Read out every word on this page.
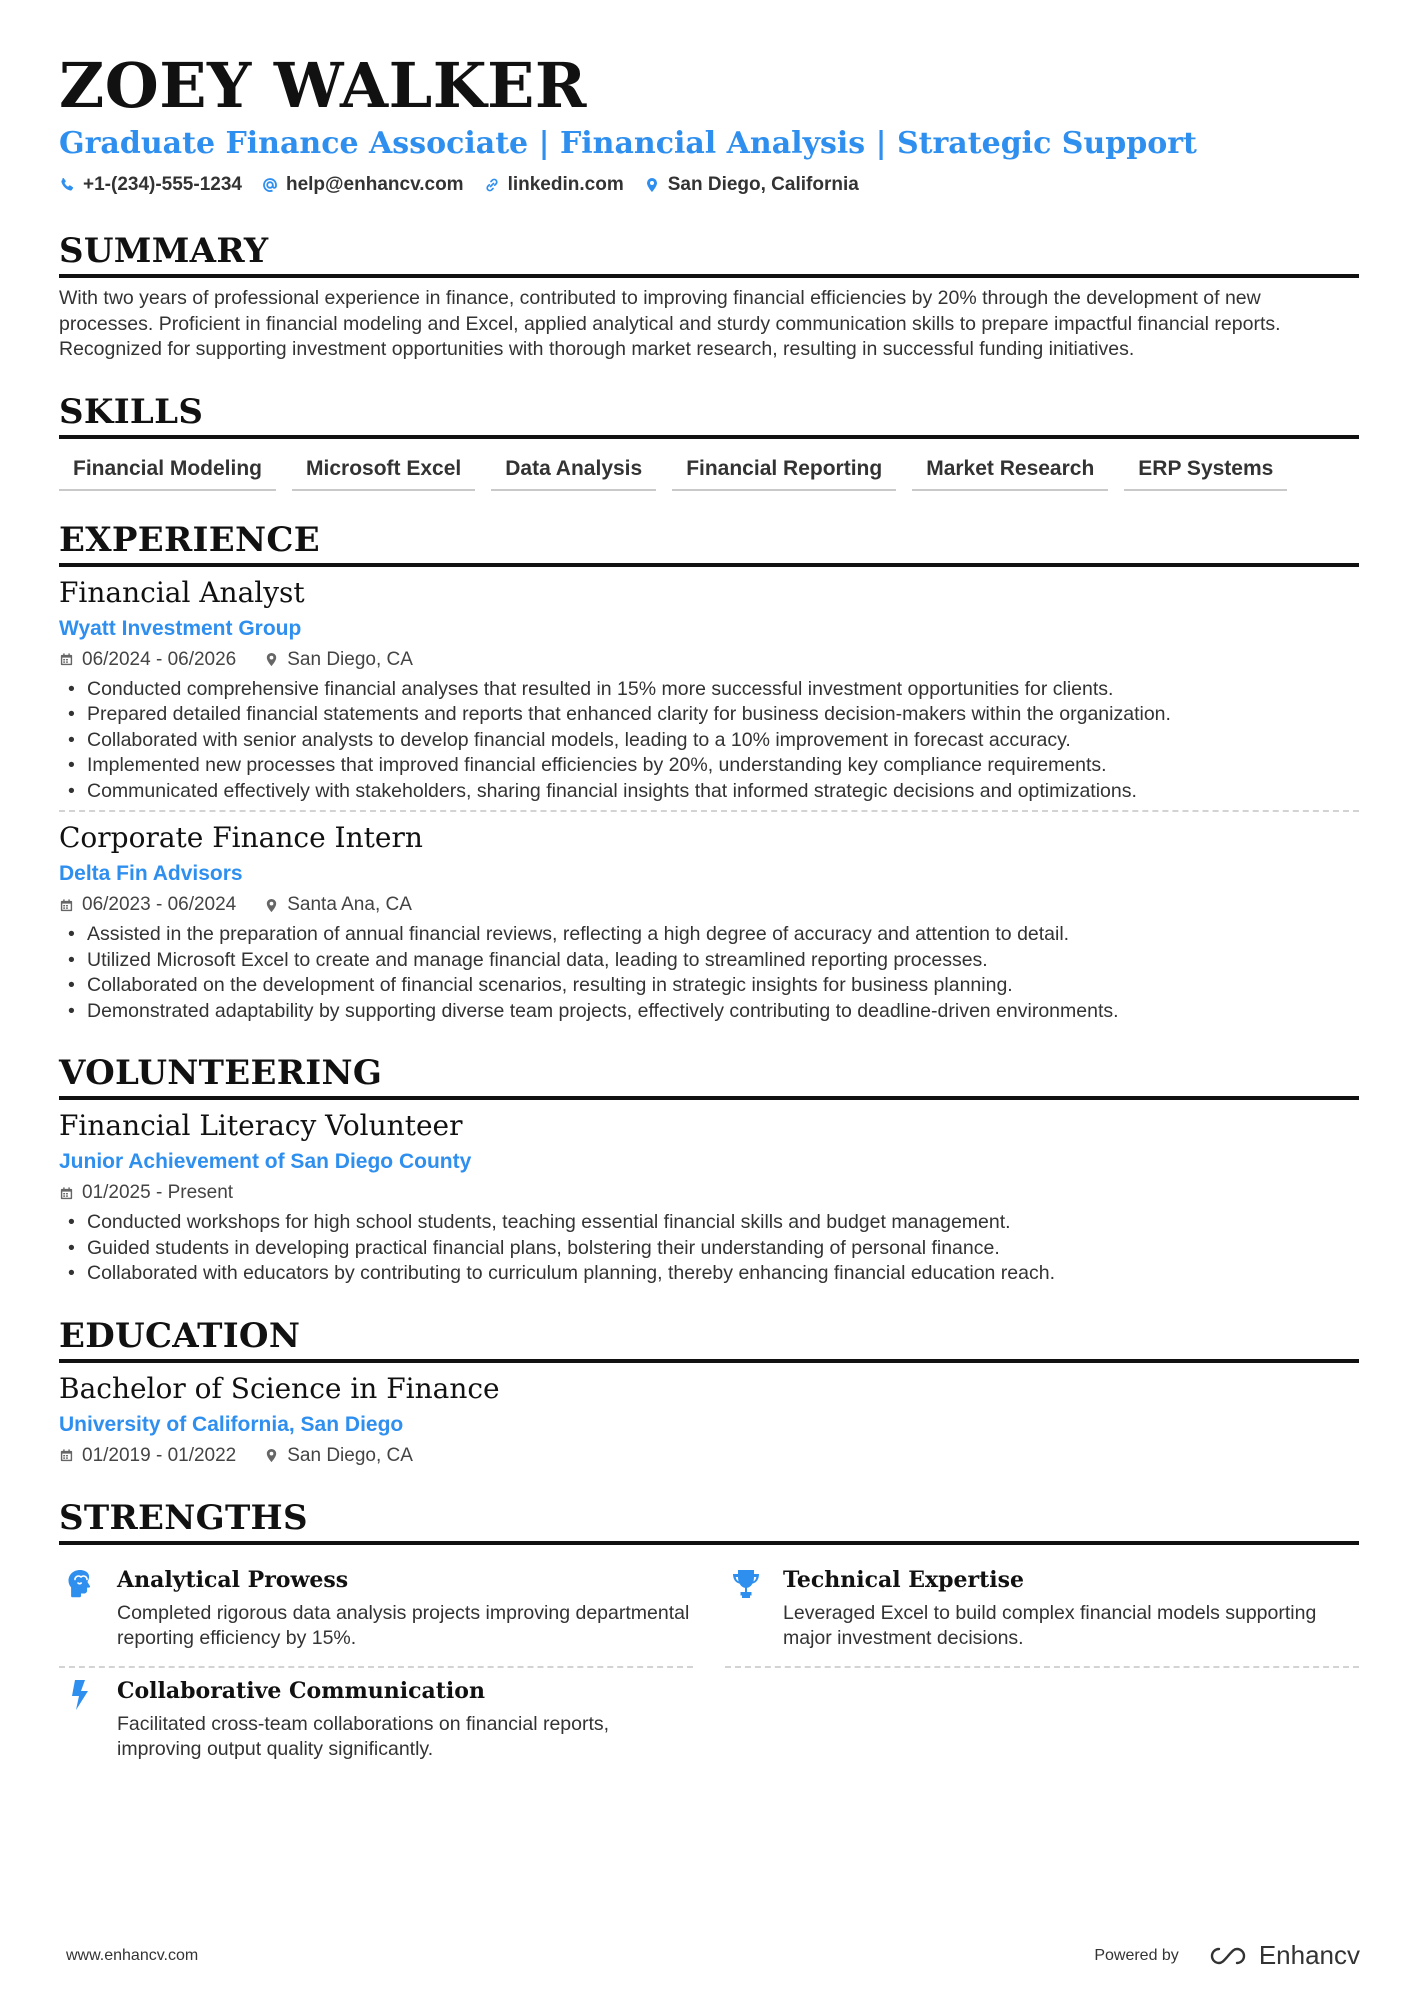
ZOEY WALKER
Graduate Finance Associate | Financial Analysis | Strategic Support
+1-(234)-555-1234 help@enhancv.com linkedin.com San Diego, California
SUMMARY
With two years of professional experience in finance, contributed to improving financial efficiencies by 20% through the development of new processes. Proficient in financial modeling and Excel, applied analytical and sturdy communication skills to prepare impactful financial reports. Recognized for supporting investment opportunities with thorough market research, resulting in successful funding initiatives.
SKILLS
Financial Modeling	Microsoft Excel	Data Analysis	Financial Reporting	Market Research	ERP Systems
EXPERIENCE
Financial Analyst
Wyatt Investment Group
06/2024 - 06/2026	San Diego, CA
• Conducted comprehensive financial analyses that resulted in 15% more successful investment opportunities for clients.
• Prepared detailed financial statements and reports that enhanced clarity for business decision-makers within the organization.
• Collaborated with senior analysts to develop financial models, leading to a 10% improvement in forecast accuracy.
• Implemented new processes that improved financial efficiencies by 20%, understanding key compliance requirements.
• Communicated effectively with stakeholders, sharing financial insights that informed strategic decisions and optimizations.
Corporate Finance Intern
Delta Fin Advisors
06/2023 - 06/2024	Santa Ana, CA
• Assisted in the preparation of annual financial reviews, reflecting a high degree of accuracy and attention to detail.
• Utilized Microsoft Excel to create and manage financial data, leading to streamlined reporting processes.
• Collaborated on the development of financial scenarios, resulting in strategic insights for business planning.
• Demonstrated adaptability by supporting diverse team projects, effectively contributing to deadline-driven environments.
VOLUNTEERING
Financial Literacy Volunteer
Junior Achievement of San Diego County
01/2025 - Present
• Conducted workshops for high school students, teaching essential financial skills and budget management.
• Guided students in developing practical financial plans, bolstering their understanding of personal finance.
• Collaborated with educators by contributing to curriculum planning, thereby enhancing financial education reach.
EDUCATION
Bachelor of Science in Finance
University of California, San Diego
01/2019 - 01/2022	San Diego, CA
STRENGTHS
Analytical Prowess
Completed rigorous data analysis projects improving departmental reporting efficiency by 15%.
Technical Expertise
Leveraged Excel to build complex financial models supporting major investment decisions.
Collaborative Communication
Facilitated cross-team collaborations on financial reports, improving output quality significantly.
www.enhancv.com	Powered by	Enhancv
